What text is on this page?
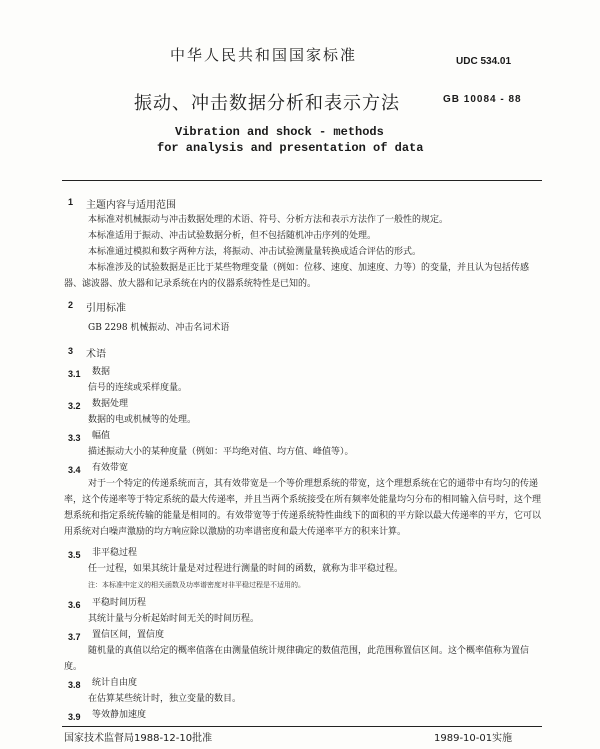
中华人民共和国国家标准	UDC 534.01
振动、冲击数据分析和表示方法	GB 10084 - 88
Vibration and shock - methods
for analysis and presentation of data
1 主题内容与适用范围
本标准对机械振动与冲击数据处理的术语、符号、分析方法和表示方法作了一般性的规定。
本标准适用于振动、冲击试验数据分析，但不包括随机冲击序列的处理。
本标准通过模拟和数字两种方法，将振动、冲击试验测量量转换成适合评估的形式。
本标准涉及的试验数据是正比于某些物理变量（例如：位移、速度、加速度、力等）的变量，并且认为包括传感器、滤波器、放大器和记录系统在内的仪器系统特性是已知的。
2 引用标准
GB 2298 机械振动、冲击名词术语
3 术语
3.1 数据
信号的连续或采样度量。
3.2 数据处理
数据的电或机械等的处理。
3.3 幅值
描述振动大小的某种度量（例如：平均绝对值、均方值、峰值等）。
3.4 有效带宽
对于一个特定的传递系统而言，其有效带宽是一个等价理想系统的带宽，这个理想系统在它的通带中有均匀的传递率，这个传递率等于特定系统的最大传递率，并且当两个系统接受在所有频率处能量均匀分布的相同输入信号时，这个理想系统和指定系统传输的能量是相同的。有效带宽等于传递系统特性曲线下的面积的平方除以最大传递率的平方，它可以用系统对白噪声激励的均方响应除以激励的功率谱密度和最大传递率平方的积来计算。
3.5 非平稳过程
任一过程，如果其统计量是对过程进行测量的时间的函数，就称为非平稳过程。
注：本标准中定义的相关函数及功率谱密度对非平稳过程是不适用的。
3.6 平稳时间历程
其统计量与分析起始时间无关的时间历程。
3.7 置信区间，置信度
随机量的真值以给定的概率值落在由测量值统计规律确定的数值范围，此范围称置信区间。这个概率值称为置信度。
3.8 统计自由度
在估算某些统计时，独立变量的数目。
3.9 等效静加速度
国家技术监督局1988-12-10批准	1989-10-01实施
